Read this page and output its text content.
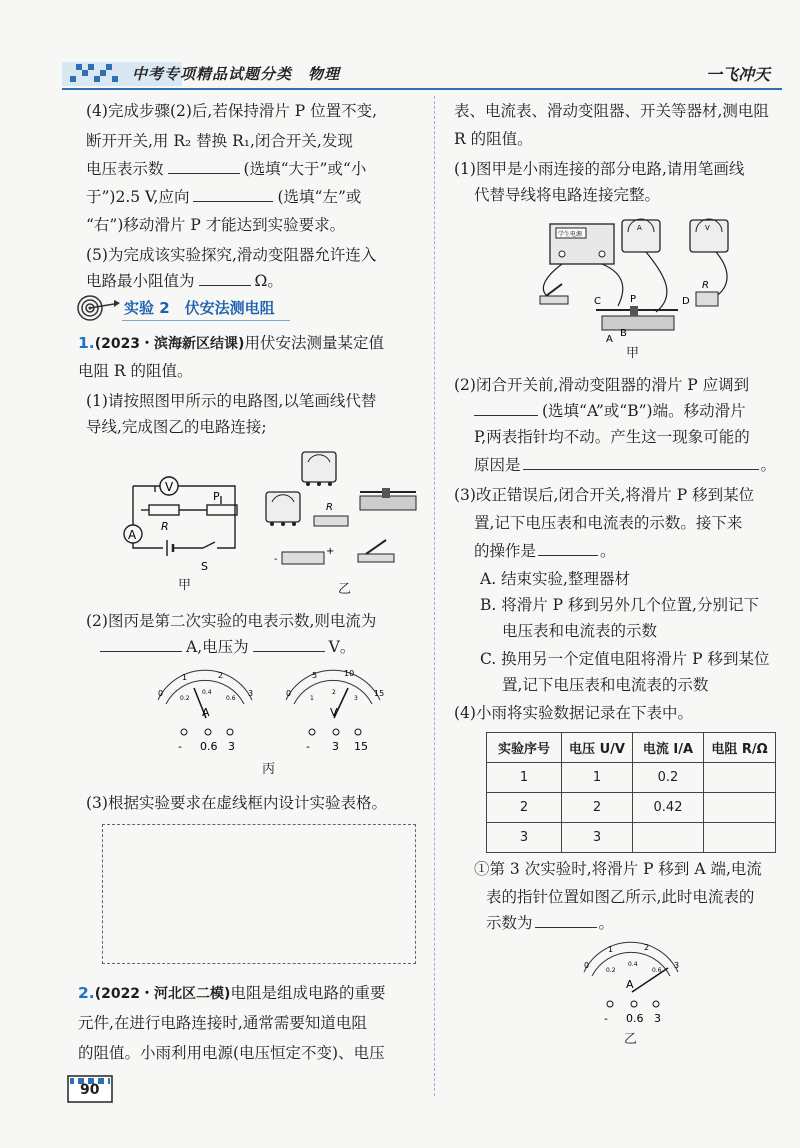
中考专项精品试题分类　物理	一飞冲天
(4)完成步骤(2)后,若保持滑片 P 位置不变,
断开开关,用 R₂ 替换 R₁,闭合开关,发现
电压表示数	(选填“大于”或“小
于”)2.5 V,应向	(选填“左”或
“右”)移动滑片 P 才能达到实验要求。
(5)为完成该实验探究,滑动变阻器允许连入
电路最小阻值为	Ω。
实验 2　伏安法测电阻
1.(2023・滨海新区结课)用伏安法测量某定值
电阻 R 的阻值。
(1)请按照图甲所示的电路图,以笔画线代替
导线,完成图乙的电路连接;
V
A
R
P
S
甲
R
-
+
乙
(2)图丙是第二次实验的电表示数,则电流为
A,电压为	V。
0
1	2
3
0.2
0.4
0.6
A
- 0.6 3
0
5	10
15
1
2
3
V
- 3 15
丙
(3)根据实验要求在虚线框内设计实验表格。
2.(2022・河北区二模)电阻是组成电路的重要
元件,在进行电路连接时,通常需要知道电阻
的阻值。小雨利用电源(电压恒定不变)、电压
90
表、电流表、滑动变阻器、开关等器材,测电阻
R 的阻值。
(1)图甲是小雨连接的部分电路,请用笔画线
代替导线将电路连接完整。
学生电源
A	V
R
C	P	D
A
B
甲
(2)闭合开关前,滑动变阻器的滑片 P 应调到
(选填“A”或“B”)端。移动滑片
P,两表指针均不动。产生这一现象可能的
原因是	。
(3)改正错误后,闭合开关,将滑片 P 移到某位
置,记下电压表和电流表的示数。接下来
的操作是	。
A. 结束实验,整理器材
B. 将滑片 P 移到另外几个位置,分别记下
电压表和电流表的示数
C. 换用另一个定值电阻将滑片 P 移到某位
置,记下电压表和电流表的示数
(4)小雨将实验数据记录在下表中。
实验序号	电压 U/V	电流 I/A	电阻 R/Ω
1	1	0.2	
2	2	0.42	
3	3		
①第 3 次实验时,将滑片 P 移到 A 端,电流
表的指针位置如图乙所示,此时电流表的
示数为	。
0
1	2
3
0.2
0.4
0.6
A
- 0.6 3
乙
